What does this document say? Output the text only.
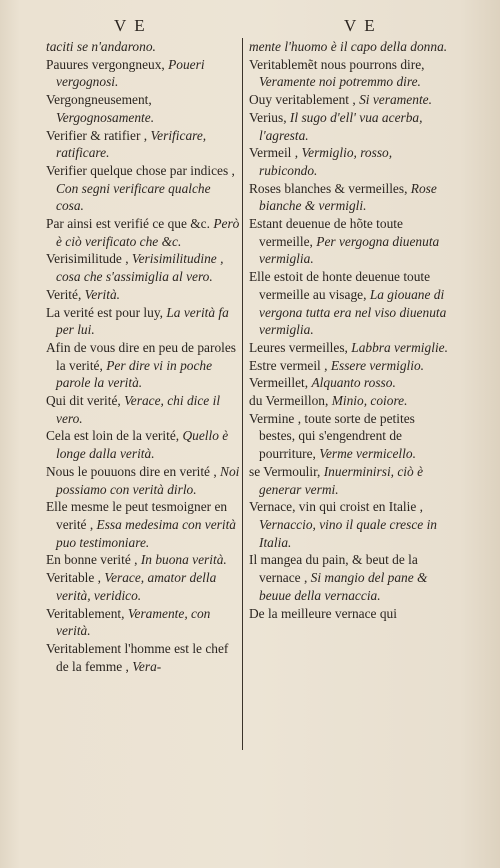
V E	V E

taciti se n'andarono.

Pauures vergongneux, Poueri vergognosi.

Vergongneusement, Vergognosamente.

Verifier & ratifier , Verificare, ratificare.

Verifier quelque chose par indices , Con segni verificare qualche cosa.

Par ainsi est verifié ce que &c. Però è ciò verificato che &c.

Verisimilitude , Verisimilitudine , cosa che s'assimiglia al vero.

Verité, Verità.

La verité est pour luy, La verità fa per lui.

Afin de vous dire en peu de paroles la verité, Per dire vi in poche parole la verità.

Qui dit verité, Verace, chi dice il vero.

Cela est loin de la verité, Quello è longe dalla verità.

Nous le pouuons dire en verité , Noi possiamo con verità dirlo.

Elle mesme le peut tesmoigner en verité , Essa medesima con verità puo testimoniare.

En bonne verité , In buona verità.

Veritable , Verace, amator della verità, veridico.

Veritablement, Veramente, con verità.

Veritablement l'homme est le chef de la femme , Vera-

mente l'huomo è il capo della donna.

Veritablemẽt nous pourrons dire, Veramente noi potremmo dire.

Ouy veritablement , Si veramente.

Verius, Il sugo d'ell' vua acerba, l'agresta.

Vermeil , Vermiglio, rosso, rubicondo.

Roses blanches & vermeilles, Rose bianche & vermigli.

Estant deuenue de hõte toute vermeille, Per vergogna diuenuta vermiglia.

Elle estoit de honte deuenue toute vermeille au visage, La giouane di vergona tutta era nel viso diuenuta vermiglia.

Leures vermeilles, Labbra vermiglie.

Estre vermeil , Essere vermiglio.

Vermeillet, Alquanto rosso.

du Vermeillon, Minio, coiore.

Vermine , toute sorte de petites bestes, qui s'engendrent de pourriture, Verme vermicello.

se Vermoulir, Inuerminirsi, ciò è generar vermi.

Vernace, vin qui croist en Italie , Vernaccio, vino il quale cresce in Italia.

Il mangea du pain, & beut de la vernace , Si mangio del pane & beuue della vernaccia.

De la meilleure vernace qui
